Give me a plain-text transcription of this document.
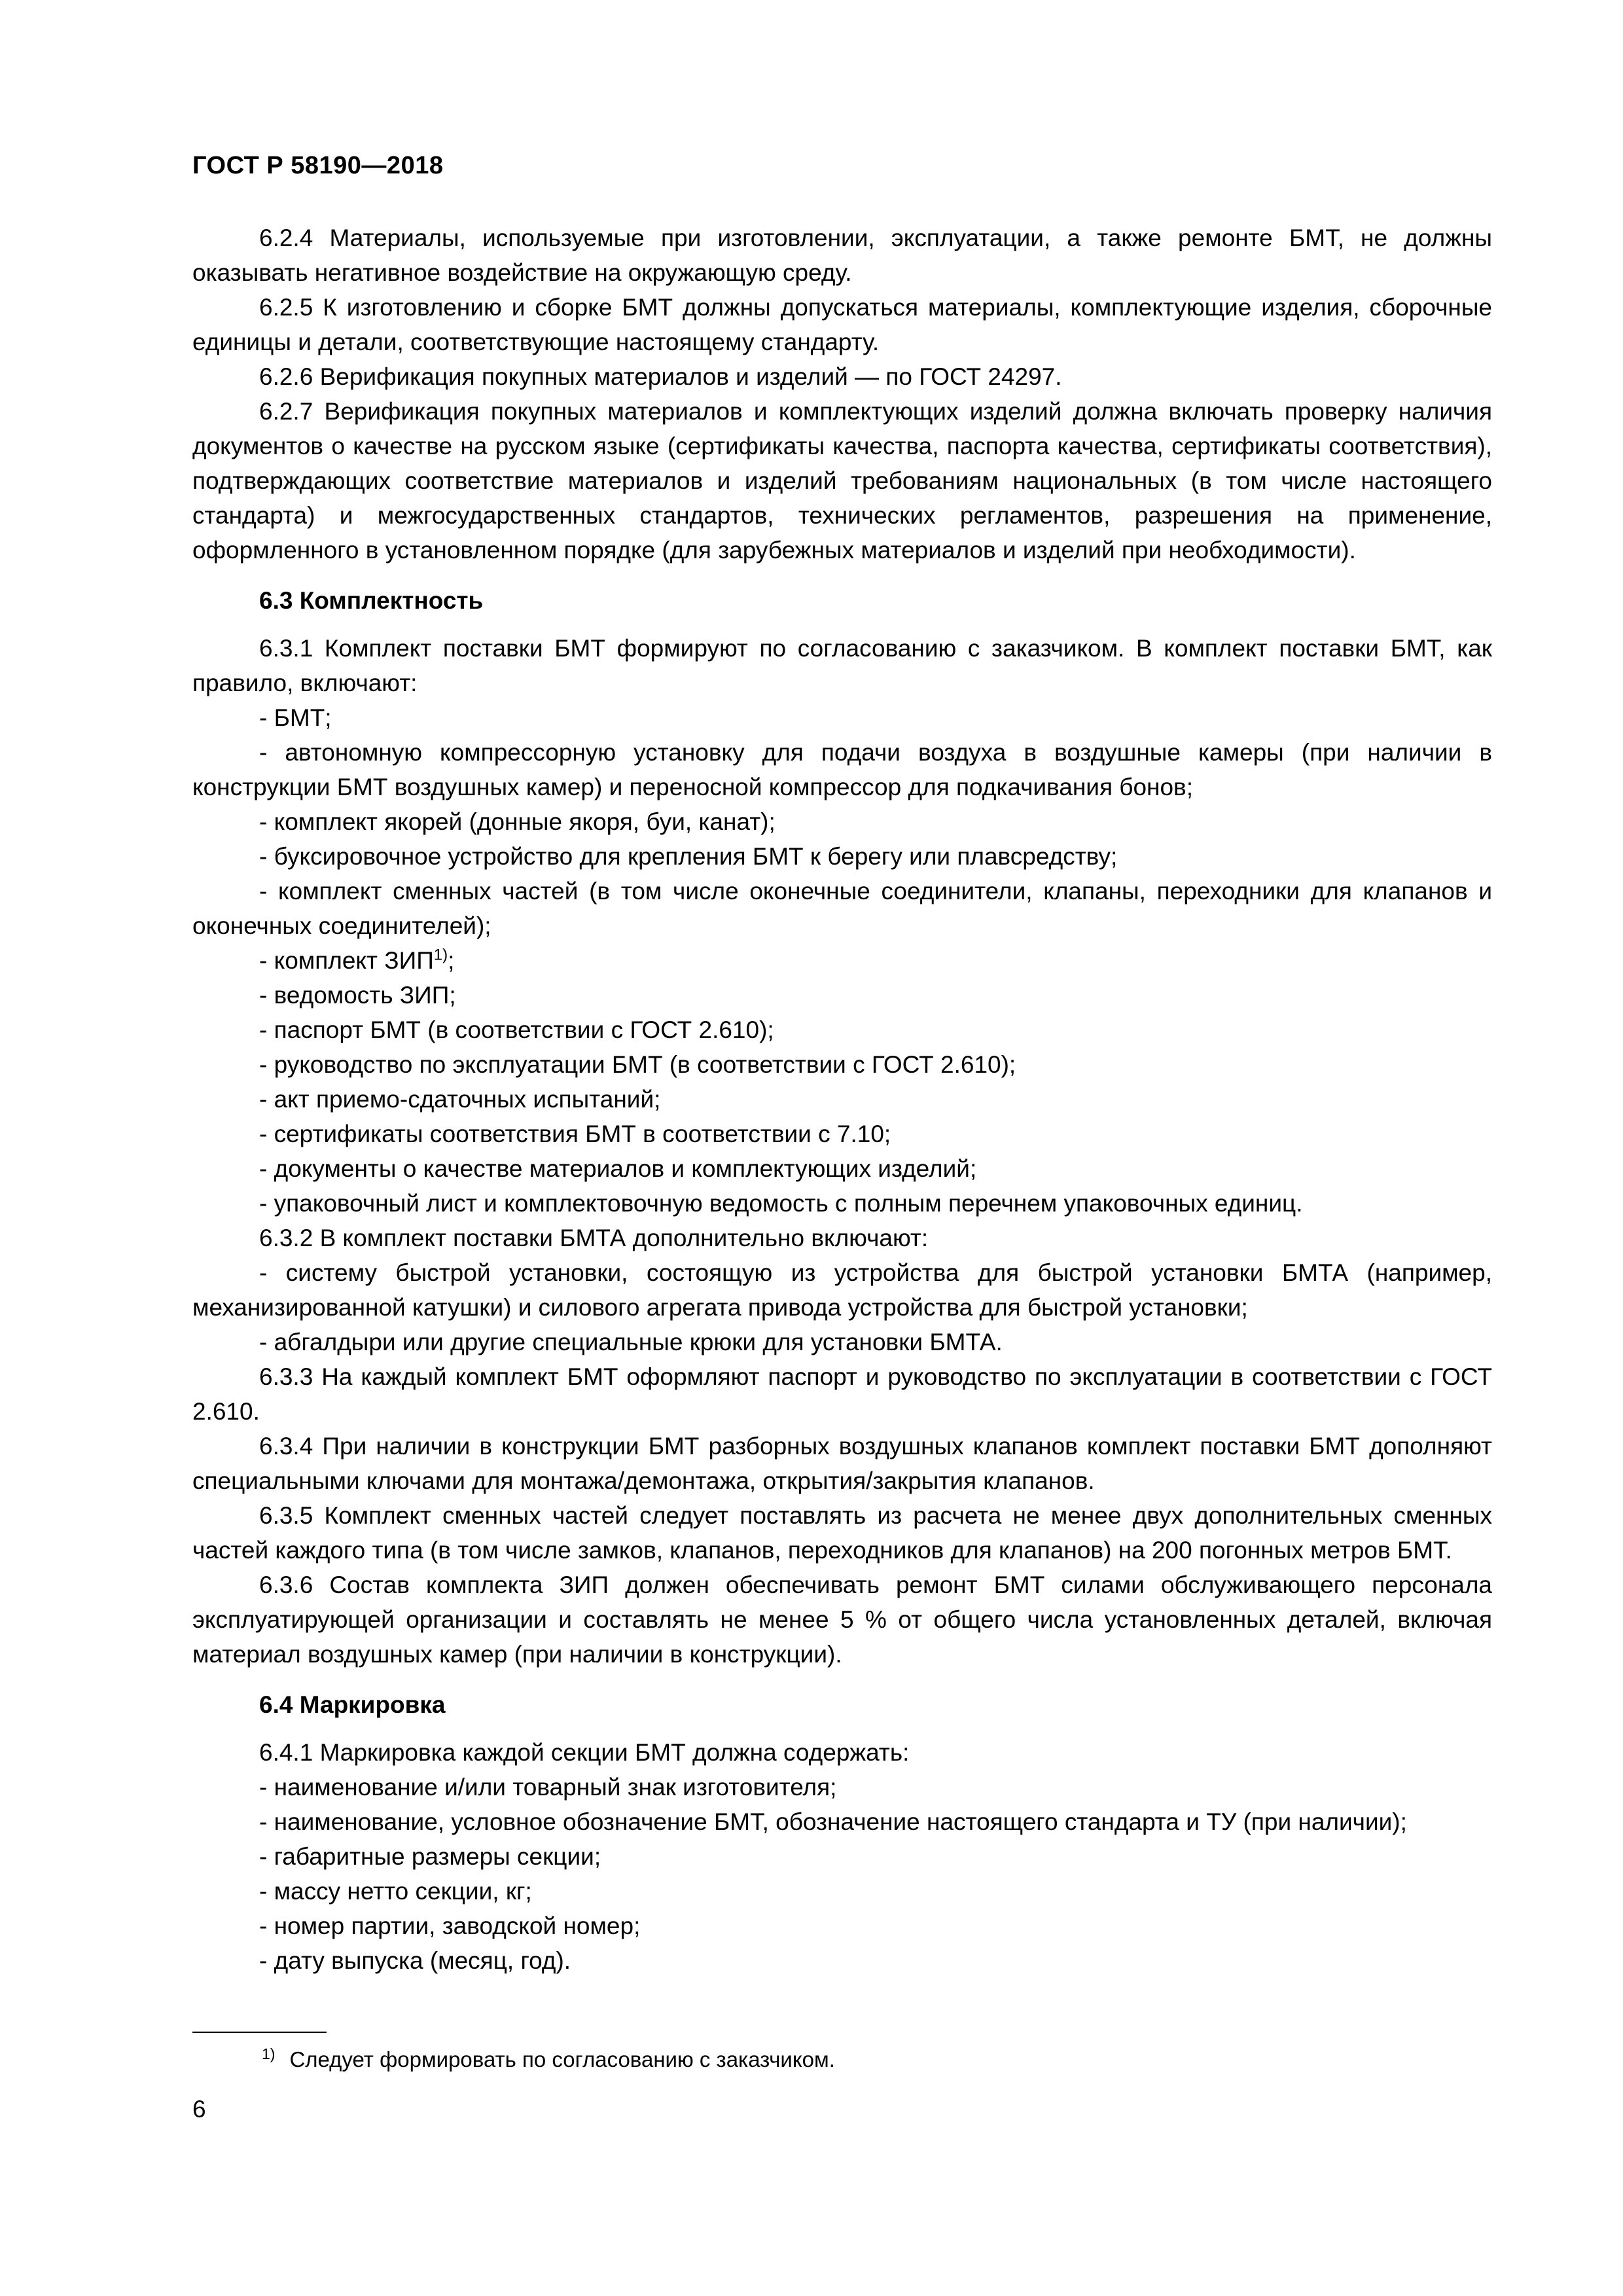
ГОСТ Р 58190—2018

6.2.4 Материалы, используемые при изготовлении, эксплуатации, а также ремонте БМТ, не должны оказывать негативное воздействие на окружающую среду.

6.2.5 К изготовлению и сборке БМТ должны допускаться материалы, комплектующие изделия, сборочные единицы и детали, соответствующие настоящему стандарту.

6.2.6 Верификация покупных материалов и изделий — по ГОСТ 24297.

6.2.7 Верификация покупных материалов и комплектующих изделий должна включать проверку наличия документов о качестве на русском языке (сертификаты качества, паспорта качества, сертификаты соответствия), подтверждающих соответствие материалов и изделий требованиям национальных (в том числе настоящего стандарта) и межгосударственных стандартов, технических регламентов, разрешения на применение, оформленного в установленном порядке (для зарубежных материалов и изделий при необходимости).

6.3 Комплектность

6.3.1 Комплект поставки БМТ формируют по согласованию с заказчиком. В комплект поставки БМТ, как правило, включают:

- БМТ;

- автономную компрессорную установку для подачи воздуха в воздушные камеры (при наличии в конструкции БМТ воздушных камер) и переносной компрессор для подкачивания бонов;

- комплект якорей (донные якоря, буи, канат);

- буксировочное устройство для крепления БМТ к берегу или плавсредству;

- комплект сменных частей (в том числе оконечные соединители, клапаны, переходники для клапанов и оконечных соединителей);

- комплект ЗИП$^{1)}$;

- ведомость ЗИП;

- паспорт БМТ (в соответствии с ГОСТ 2.610);

- руководство по эксплуатации БМТ (в соответствии с ГОСТ 2.610);

- акт приемо-сдаточных испытаний;

- сертификаты соответствия БМТ в соответствии с 7.10;

- документы о качестве материалов и комплектующих изделий;

- упаковочный лист и комплектовочную ведомость с полным перечнем упаковочных единиц.

6.3.2 В комплект поставки БМТА дополнительно включают:

- систему быстрой установки, состоящую из устройства для быстрой установки БМТА (например, механизированной катушки) и силового агрегата привода устройства для быстрой установки;

- абгалдыри или другие специальные крюки для установки БМТА.

6.3.3 На каждый комплект БМТ оформляют паспорт и руководство по эксплуатации в соответствии с ГОСТ 2.610.

6.3.4 При наличии в конструкции БМТ разборных воздушных клапанов комплект поставки БМТ дополняют специальными ключами для монтажа/демонтажа, открытия/закрытия клапанов.

6.3.5 Комплект сменных частей следует поставлять из расчета не менее двух дополнительных сменных частей каждого типа (в том числе замков, клапанов, переходников для клапанов) на 200 погонных метров БМТ.

6.3.6 Состав комплекта ЗИП должен обеспечивать ремонт БМТ силами обслуживающего персонала эксплуатирующей организации и составлять не менее 5 % от общего числа установленных деталей, включая материал воздушных камер (при наличии в конструкции).

6.4 Маркировка

6.4.1 Маркировка каждой секции БМТ должна содержать:

- наименование и/или товарный знак изготовителя;

- наименование, условное обозначение БМТ, обозначение настоящего стандарта и ТУ (при наличии);

- габаритные размеры секции;

- массу нетто секции, кг;

- номер партии, заводской номер;

- дату выпуска (месяц, год).

$^{1)}$ Следует формировать по согласованию с заказчиком.
6
